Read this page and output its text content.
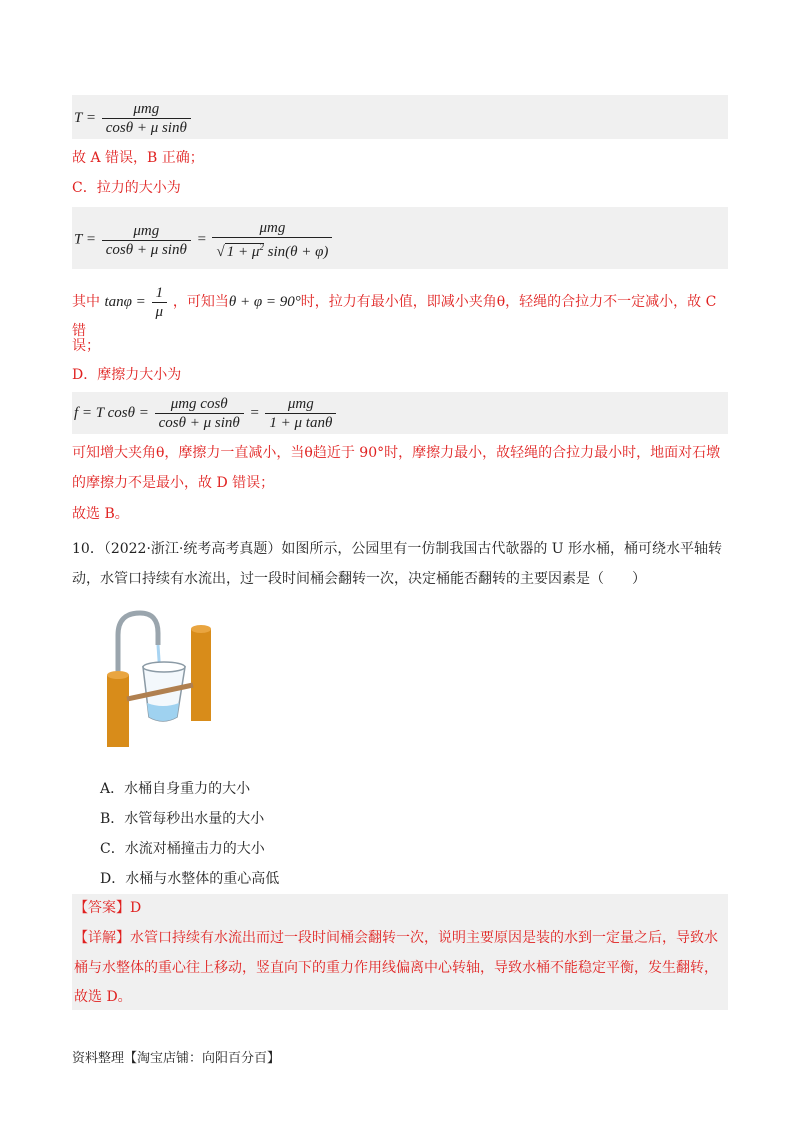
$T = \frac{\text{μmg}}{\text{cosθ + μ sinθ}}$
故 A 错误，B 正确；
C．拉力的大小为
$T = \frac{\text{μmg}}{\text{cosθ + μ sinθ}} = \frac{\text{μmg}}{√ 1 + \mu^2 \sin(\theta + \varphi)}$
其中 $\tan\varphi = \frac{1}{\mu}$ ，可知当θ + φ = 90°时，拉力有最小值，即减小夹角θ，轻绳的合拉力不一定减小，故 C 错
误；
D．摩擦力大小为
f = T $\cos\theta = \frac{\text{μmg cosθ}}{\text{cosθ + μ sinθ}} = \frac{\text{μmg}}{\text{1 + μ tanθ}}$
可知增大夹角θ，摩擦力一直减小，当θ趋近于 90°时，摩擦力最小，故轻绳的合拉力最小时，地面对石墩
的摩擦力不是最小，故 D 错误；
故选 B。
10．（2022·浙江·统考高考真题）如图所示，公园里有一仿制我国古代欹器的 U 形水桶，桶可绕水平轴转
动，水管口持续有水流出，过一段时间桶会翻转一次，决定桶能否翻转的主要因素是（　　）
A．水桶自身重力的大小
B．水管每秒出水量的大小
C．水流对桶撞击力的大小
D．水桶与水整体的重心高低
【答案】D
【详解】水管口持续有水流出而过一段时间桶会翻转一次，说明主要原因是装的水到一定量之后，导致水
桶与水整体的重心往上移动，竖直向下的重力作用线偏离中心转轴，导致水桶不能稳定平衡，发生翻转，
故选 D。
资料整理【淘宝店铺：向阳百分百】
